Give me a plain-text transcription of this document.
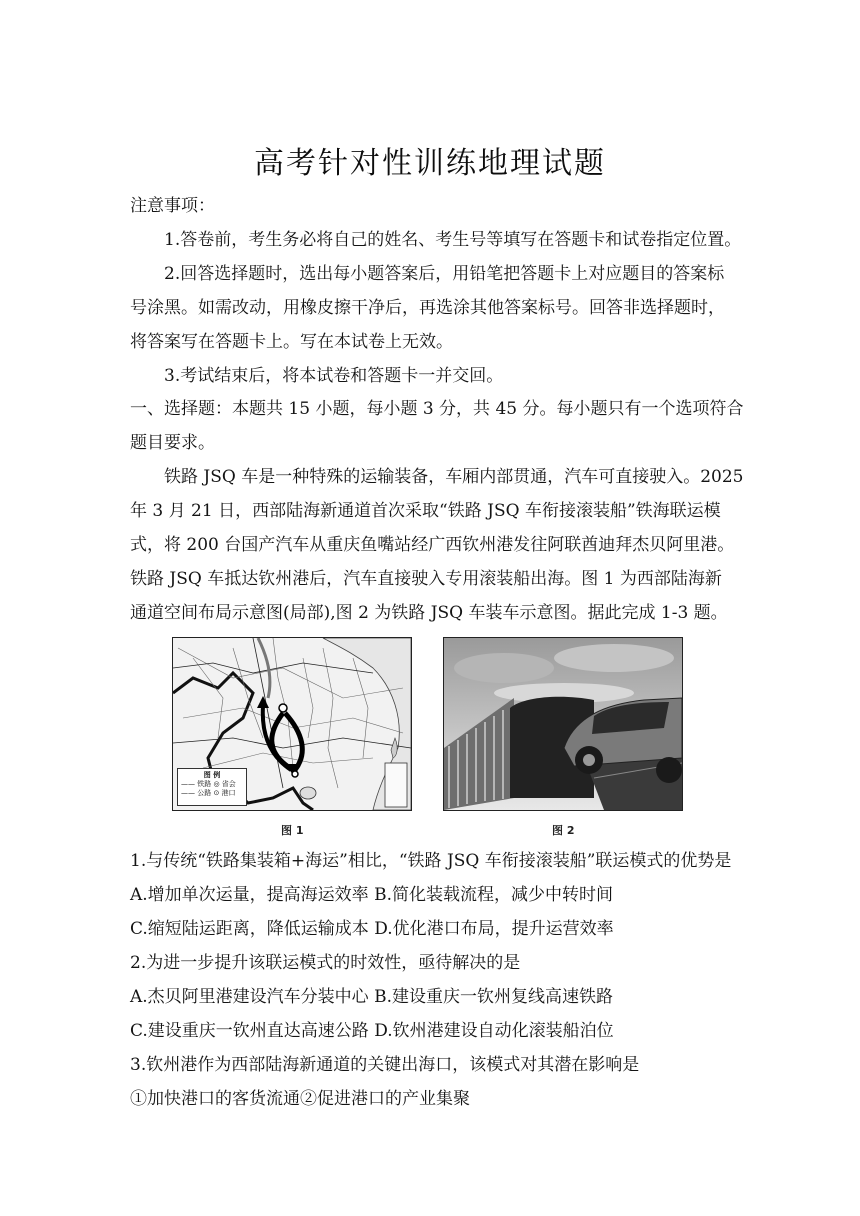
高考针对性训练地理试题
注意事项：
1.答卷前，考生务必将自己的姓名、考生号等填写在答题卡和试卷指定位置。
2.回答选择题时，选出每小题答案后，用铅笔把答题卡上对应题目的答案标
号涂黑。如需改动，用橡皮擦干净后，再选涂其他答案标号。回答非选择题时，
将答案写在答题卡上。写在本试卷上无效。
3.考试结束后，将本试卷和答题卡一并交回。
一、选择题：本题共 15 小题，每小题 3 分，共 45 分。每小题只有一个选项符合
题目要求。
铁路 JSQ 车是一种特殊的运输装备，车厢内部贯通，汽车可直接驶入。2025
年 3 月 21 日，西部陆海新通道首次采取“铁路 JSQ 车衔接滚装船”铁海联运模
式，将 200 台国产汽车从重庆鱼嘴站经广西钦州港发往阿联酋迪拜杰贝阿里港。
铁路 JSQ 车抵达钦州港后，汽车直接驶入专用滚装船出海。图 1 为西部陆海新
通道空间布局示意图(局部),图 2 为铁路 JSQ 车装车示意图。据此完成 1-3 题。
图 例
—— 铁路 ◎ 省会
—— 公路 ⊙ 港口
图 1	图 2
1.与传统“铁路集装箱+海运”相比，“铁路 JSQ 车衔接滚装船”联运模式的优势是
A.增加单次运量，提高海运效率 B.简化装载流程，减少中转时间
C.缩短陆运距离，降低运输成本 D.优化港口布局，提升运营效率
2.为进一步提升该联运模式的时效性，亟待解决的是
A.杰贝阿里港建设汽车分装中心 B.建设重庆一钦州复线高速铁路
C.建设重庆一钦州直达高速公路 D.钦州港建设自动化滚装船泊位
3.钦州港作为西部陆海新通道的关键出海口，该模式对其潜在影响是
①加快港口的客货流通②促进港口的产业集聚
